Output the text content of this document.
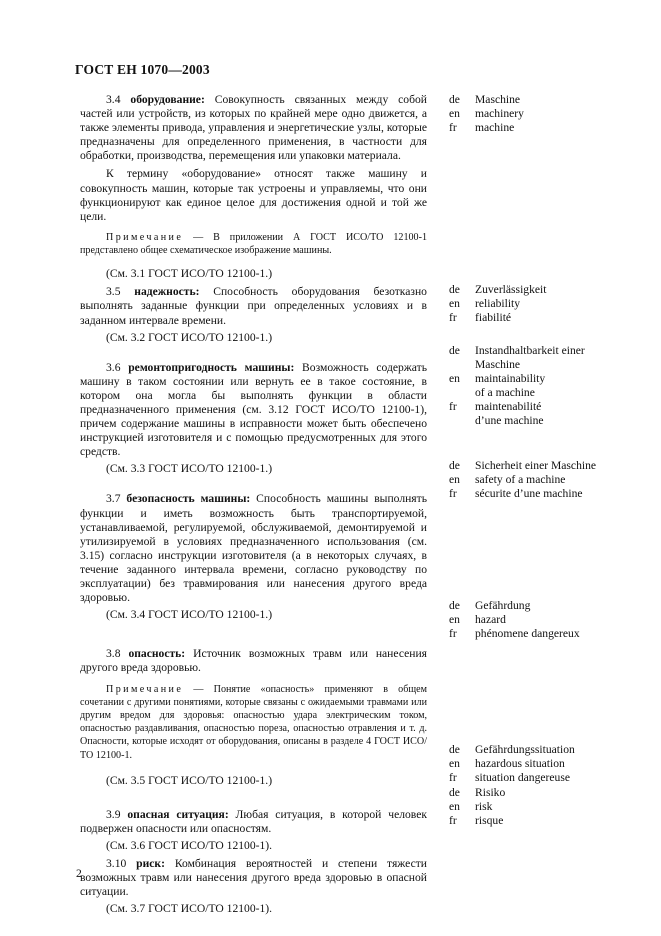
ГОСТ ЕН 1070—2003

3.4 оборудование: Совокупность связанных между собой частей или устройств, из которых по крайней мере одно движется, а также элементы привода, управления и энергетические узлы, которые предназначены для определенного применения, в частности для обработки, производства, перемещения или упаковки материала.

К термину «оборудование» относят также машину и совокупность машин, которые так устроены и управляемы, что они функционируют как единое целое для достижения одной и той же цели.

Примечание — В приложении А ГОСТ ИСО/ТО 12100-1 представлено общее схематическое изображение машины.

(См. 3.1 ГОСТ ИСО/ТО 12100-1.)

3.5 надежность: Способность оборудования безотказно выполнять заданные функции при определенных условиях и в заданном интервале времени.

(См. 3.2 ГОСТ ИСО/ТО 12100-1.)

3.6 ремонтопригодность машины: Возможность содержать машину в таком состоянии или вернуть ее в такое состояние, в котором она могла бы выполнять функции в области предназначенного применения (см. 3.12 ГОСТ ИСО/ТО 12100-1), причем содержание машины в исправности может быть обеспечено инструкцией изготовителя и с помощью предусмотренных для этого средств.

(См. 3.3 ГОСТ ИСО/ТО 12100-1.)

3.7 безопасность машины: Способность машины выполнять функции и иметь возможность быть транспортируемой, устанавливаемой, регулируемой, обслуживаемой, демонтируемой и утилизируемой в условиях предназначенного использования (см. 3.15) согласно инструкции изготовителя (а в некоторых случаях, в течение заданного интервала времени, согласно руководству по эксплуатации) без травмирования или нанесения другого вреда здоровью.

(См. 3.4 ГОСТ ИСО/ТО 12100-1.)

3.8 опасность: Источник возможных травм или нанесения другого вреда здоровью.

Примечание — Понятие «опасность» применяют в общем сочетании с другими понятиями, которые связаны с ожидаемыми травмами или другим вредом для здоровья: опасностью удара электрическим током, опасностью раздавливания, опасностью пореза, опасностью отравления и т. д. Опасности, которые исходят от оборудования, описаны в разделе 4 ГОСТ ИСО/ТО 12100-1.

(См. 3.5 ГОСТ ИСО/ТО 12100-1.)

3.9 опасная ситуация: Любая ситуация, в которой человек подвержен опасности или опасностям.

(См. 3.6 ГОСТ ИСО/ТО 12100-1).

3.10 риск: Комбинация вероятностей и степени тяжести возможных травм или нанесения другого вреда здоровью в опасной ситуации.

(См. 3.7 ГОСТ ИСО/ТО 12100-1).

de	Maschine
en	machinery
fr	machine
de	Zuverlässigkeit
en	reliability
fr	fiabilité
de	Instandhaltbarkeit einer
Maschine
en	maintainability
of a machine
fr	maintenabilité
d’une machine
de	Sicherheit einer Maschine
en	safety of a machine
fr	sécurite d’une machine
de	Gefährdung
en	hazard
fr	phénomene dangereux
de	Gefährdungssituation
en	hazardous situation
fr	situation dangereuse
de	Risiko
en	risk
fr	risque
2
